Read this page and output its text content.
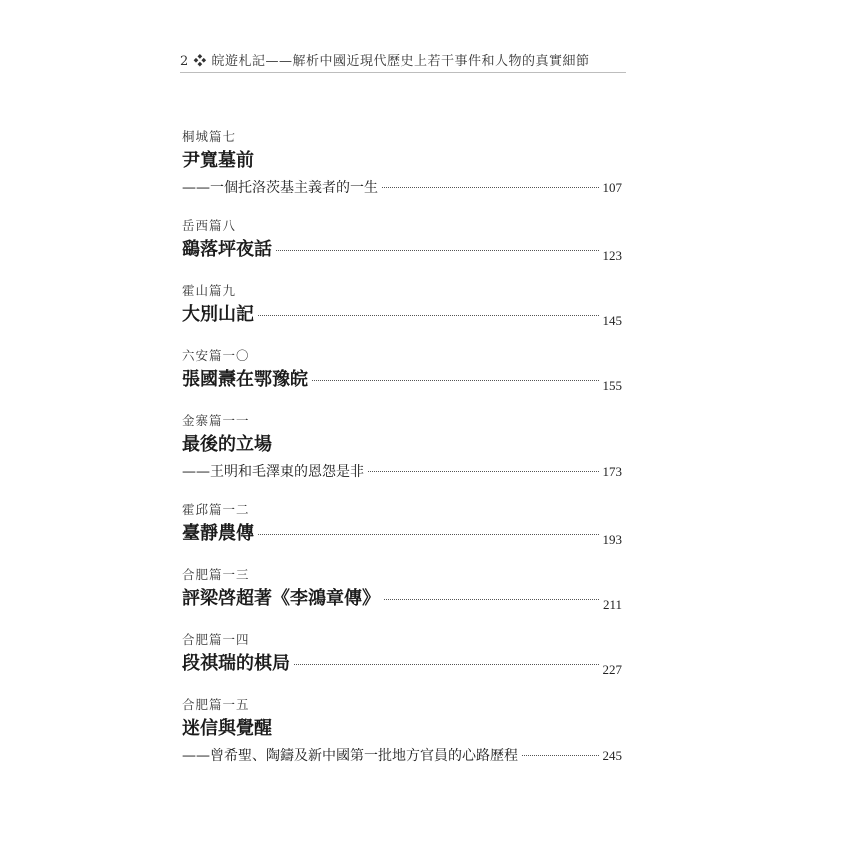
2 ❖ 皖遊札記——解析中國近現代歷史上若干事件和人物的真實細節
桐城篇七
尹寬墓前
——一個托洛茨基主義者的一生	107
岳西篇八
鷂落坪夜話	123
霍山篇九
大別山記	145
六安篇一〇
張國燾在鄂豫皖	155
金寨篇一一
最後的立場
——王明和毛澤東的恩怨是非	173
霍邱篇一二
臺靜農傳	193
合肥篇一三
評梁啓超著《李鴻章傳》	211
合肥篇一四
段祺瑞的棋局	227
合肥篇一五
迷信與覺醒
——曾希聖、陶鑄及新中國第一批地方官員的心路歷程	245
